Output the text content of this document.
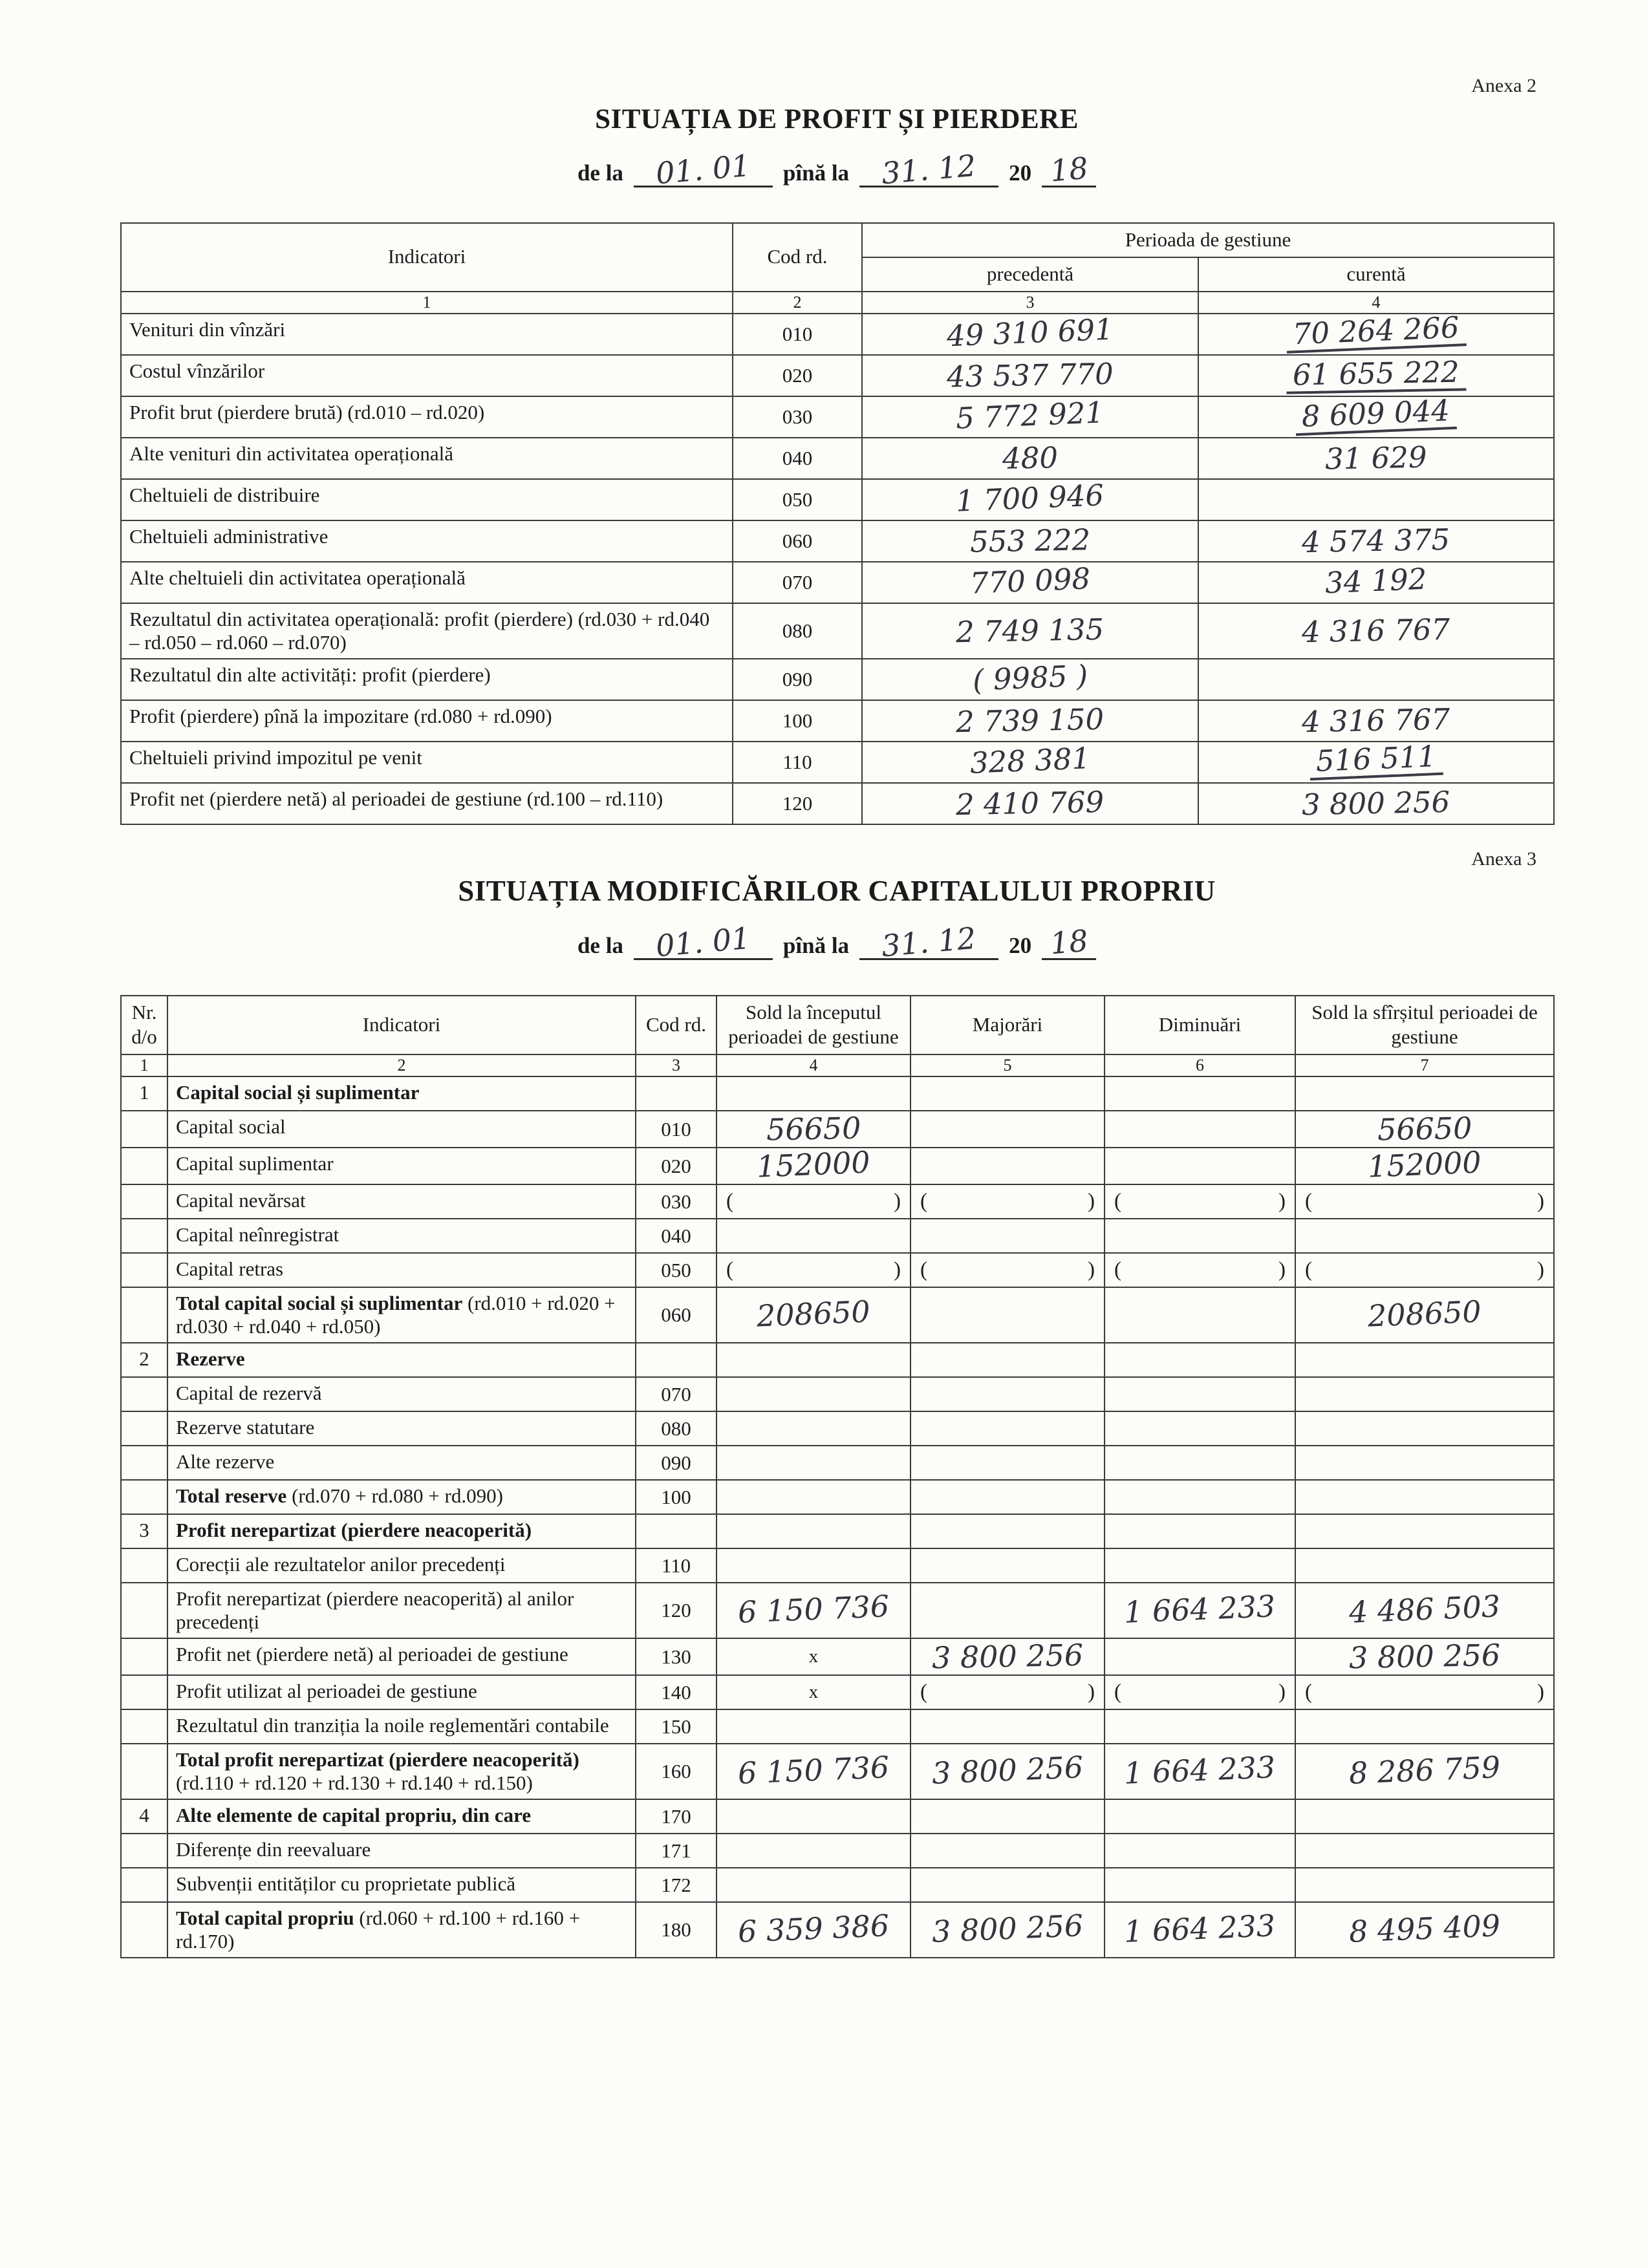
Anexa 2
SITUAȚIA DE PROFIT ȘI PIERDERE
de la	01. 01	pînă la	31. 12	20 18
Indicatori	Cod rd.	Perioada de gestiune	
		precedentă	curentă
1	2	3	4
Venituri din vînzări	010	49 310 691	70 264 266
Costul vînzărilor	020	43 537 770	61 655 222
Profit brut (pierdere brută) (rd.010 – rd.020)	030	5 772 921	8 609 044
Alte venituri din activitatea operațională	040	480	31 629
Cheltuieli de distribuire	050	1 700 946	
Cheltuieli administrative	060	553 222	4 574 375
Alte cheltuieli din activitatea operațională	070	770 098	34 192
Rezultatul din activitatea operațională: profit (pierdere) (rd.030 + rd.040 – rd.050 – rd.060 – rd.070)	080	2 749 135	4 316 767
Rezultatul din alte activități: profit (pierdere)	090	( 9985 )	
Profit (pierdere) pînă la impozitare (rd.080 + rd.090)	100	2 739 150	4 316 767
Cheltuieli privind impozitul pe venit	110	328 381	516 511
Profit net (pierdere netă) al perioadei de gestiune (rd.100 – rd.110)	120	2 410 769	3 800 256
Anexa 3
SITUAȚIA MODIFICĂRILOR CAPITALULUI PROPRIU
de la	01. 01	pînă la	31. 12	20 18
Nr. d/o	Indicatori	Cod rd.	Sold la începutul perioadei de gestiune	Majorări	Diminuări	Sold la sfîrșitul perioadei de gestiune
1	2	3	4	5	6	7
1	Capital social și suplimentar					
	Capital social	010	56650			56650
	Capital suplimentar	020	152000			152000
	Capital nevărsat	030	( )	( )	( )	( )

	Capital neînregistrat	040				
	Capital retras	050	( )	( )	( )	( )

	Total capital social și suplimentar (rd.010 + rd.020 + rd.030 + rd.040 + rd.050)	060	208650			208650
2	Rezerve					
	Capital de rezervă	070				
	Rezerve statutare	080				
	Alte rezerve	090				
	Total reserve (rd.070 + rd.080 + rd.090)	100				
3	Profit nerepartizat (pierdere neacoperită)					
	Corecții ale rezultatelor anilor precedenți	110				
	Profit nerepartizat (pierdere neacoperită) al anilor precedenți	120	6 150 736		1 664 233	4 486 503
	Profit net (pierdere netă) al perioadei de gestiune	130	x	3 800 256		3 800 256
	Profit utilizat al perioadei de gestiune	140	x	( )	( )	( )

	Rezultatul din tranziția la noile reglementări contabile	150				
	Total profit nerepartizat (pierdere neacoperită) (rd.110 + rd.120 + rd.130 + rd.140 + rd.150)	160	6 150 736	3 800 256	1 664 233	8 286 759
4	Alte elemente de capital propriu, din care	170				
	Diferențe din reevaluare	171				
	Subvenții entităților cu proprietate publică	172				
	Total capital propriu (rd.060 + rd.100 + rd.160 + rd.170)	180	6 359 386	3 800 256	1 664 233	8 495 409
